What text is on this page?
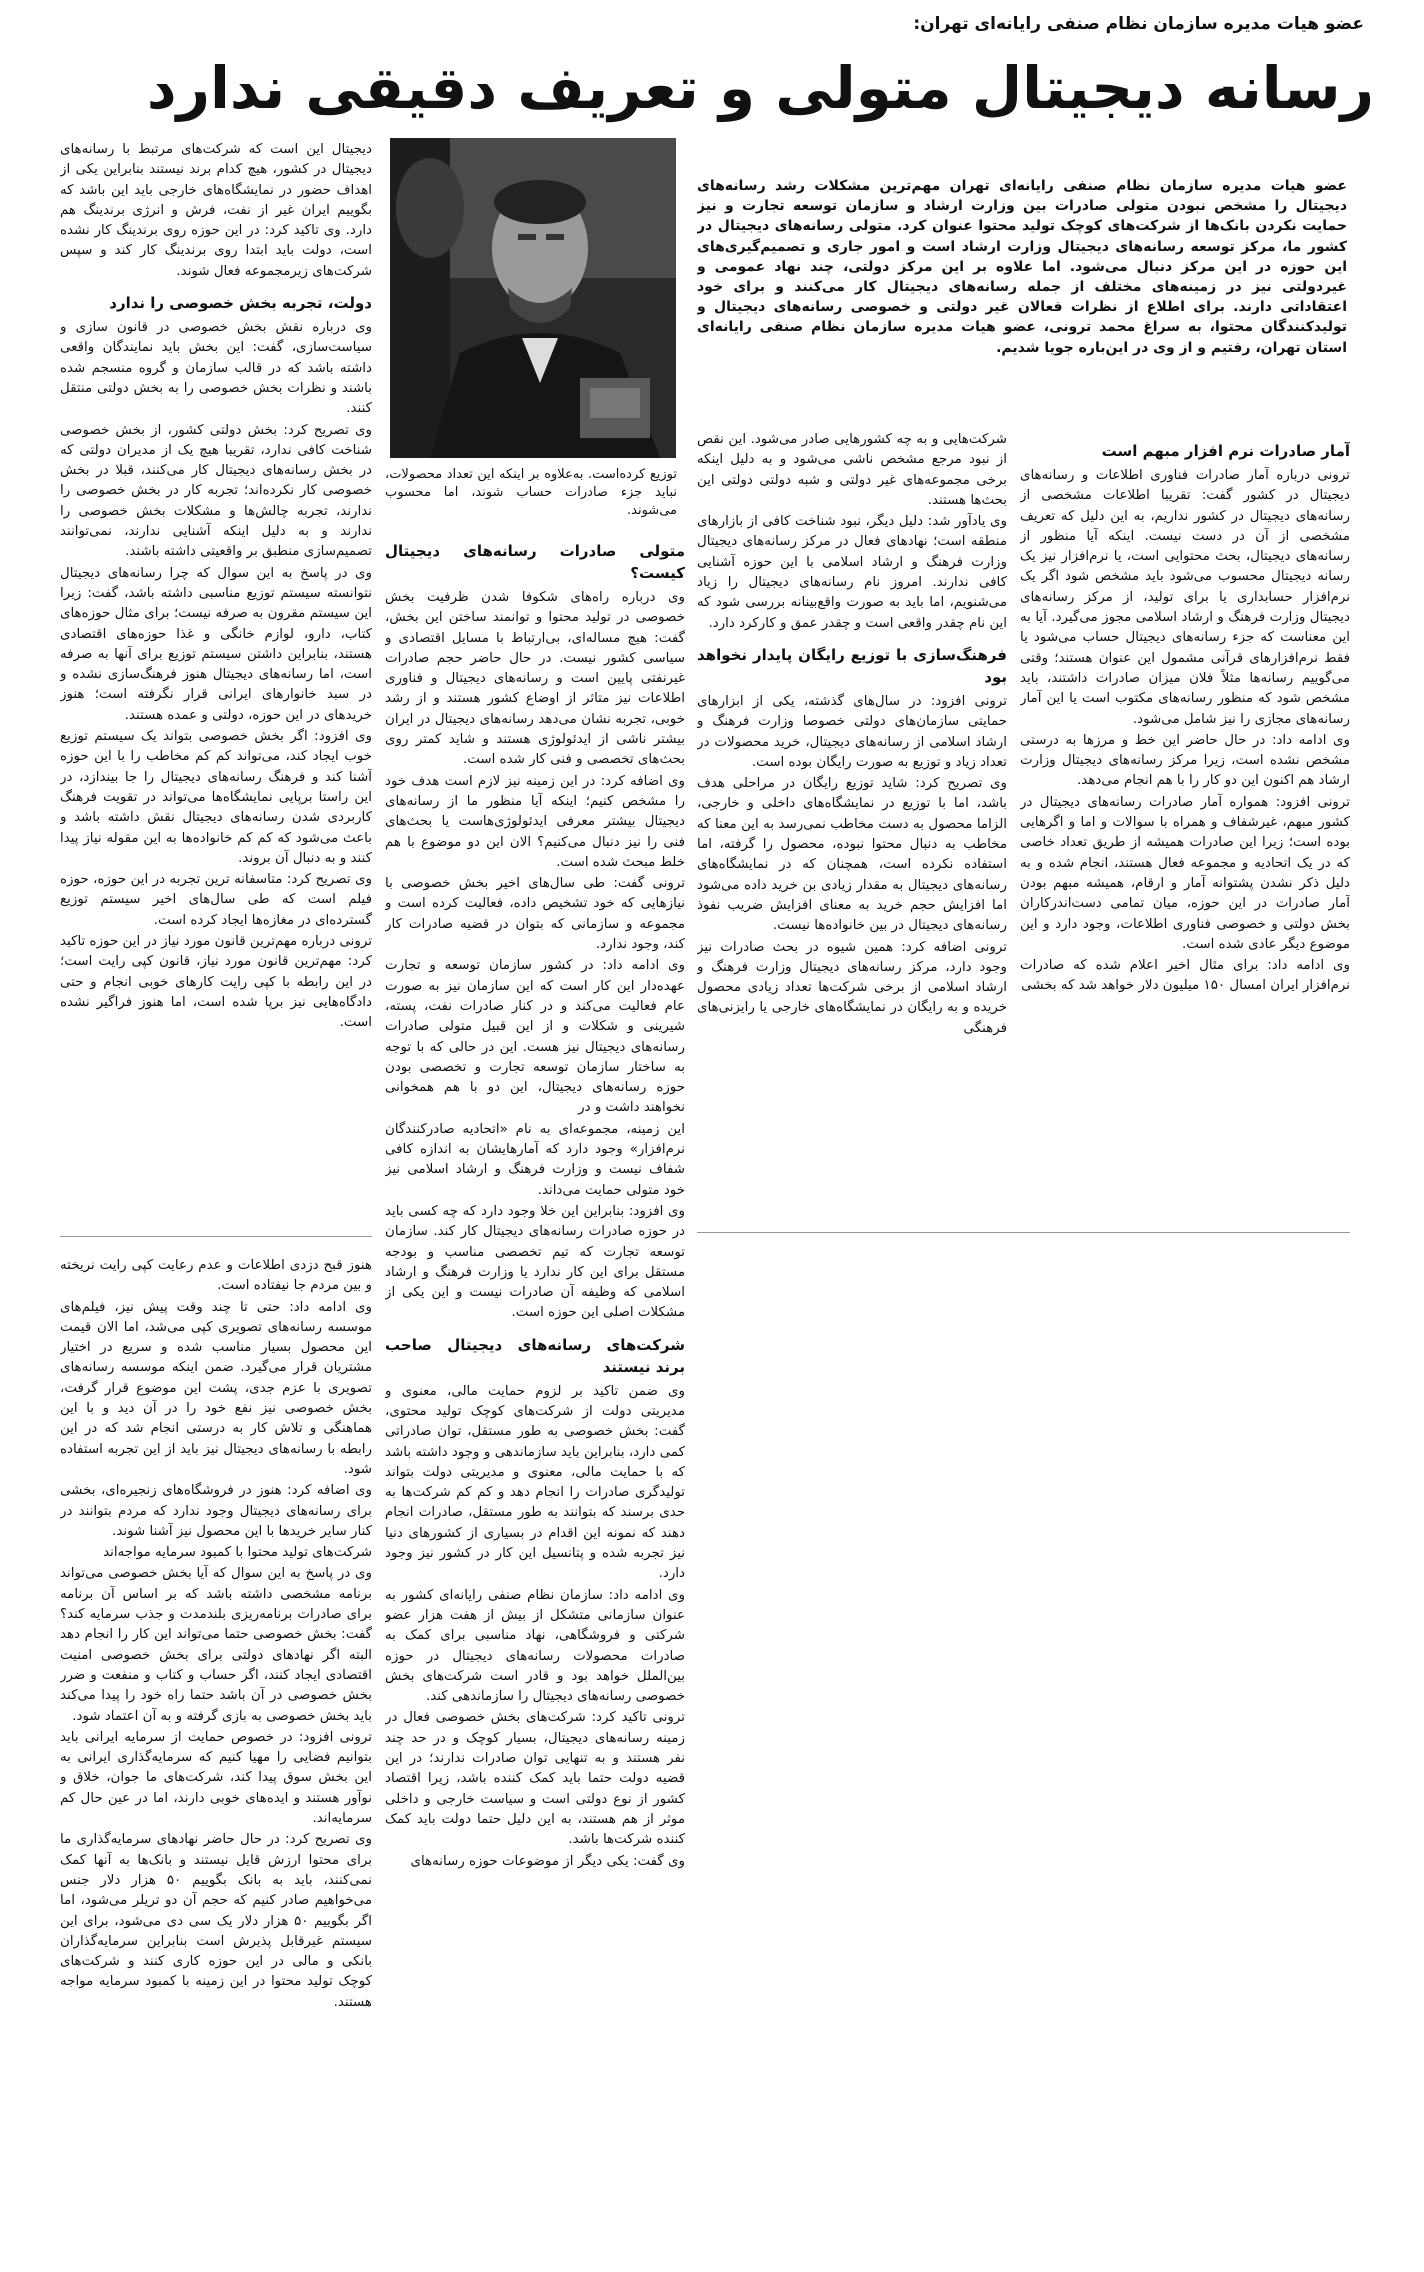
عضو هیات مدیره سازمان نظام صنفی رایانه‌ای تهران:
رسانه دیجیتال متولی و تعریف دقیقی ندارد
عضو هیات مدیره سازمان نظام صنفی رایانه‌ای تهران مهم‌ترین مشکلات رشد رسانه‌های دیجیتال را مشخص نبودن متولی صادرات بین وزارت ارشاد و سازمان توسعه تجارت و نیز حمایت نکردن بانک‌ها از شرکت‌های کوچک تولید محتوا عنوان کرد. متولی رسانه‌های دیجیتال در کشور ما، مرکز توسعه رسانه‌های دیجیتال وزارت ارشاد است و امور جاری و تصمیم‌گیری‌های این حوزه در این مرکز دنبال می‌شود. اما علاوه بر این مرکز دولتی، چند نهاد عمومی و غیردولتی نیز در زمینه‌های مختلف از جمله رسانه‌های دیجیتال کار می‌کنند و برای خود اعتقاداتی دارند. برای اطلاع از نظرات فعالان غیر دولتی و خصوصی رسانه‌های دیجیتال و تولیدکنندگان محتوا، به سراغ محمد ترونی، عضو هیات مدیره سازمان نظام صنفی رایانه‌ای استان تهران، رفتیم و از وی در این‌باره جویا شدیم.
توزیع کرده‌است. به‌علاوه بر اینکه این تعداد محصولات، نباید جزء صادرات حساب شوند، اما محسوب می‌شوند.
آمار صادرات نرم افزار مبهم است

ترونی درباره آمار صادرات فناوری اطلاعات و رسانه‌های دیجیتال در کشور گفت: تقریبا اطلاعات مشخصی از رسانه‌های دیجیتال در کشور نداریم، به این دلیل که تعریف مشخصی از آن در دست نیست. اینکه آیا منظور از رسانه‌های دیجیتال، بحث محتوایی است، یا نرم‌افزار نیز یک رسانه دیجیتال محسوب می‌شود باید مشخص شود اگر یک نرم‌افزار حسابداری یا برای تولید، از مرکز رسانه‌های دیجیتال وزارت فرهنگ و ارشاد اسلامی مجوز می‌گیرد. آیا به این معناست که جزء رسانه‌های دیجیتال حساب می‌شود یا فقط نرم‌افزارهای قرآنی مشمول این عنوان هستند؛ وقتی می‌گوییم رسانه‌ها مثلاً فلان میزان صادرات داشتند، باید مشخص شود که منظور رسانه‌های مکتوب است یا این آمار رسانه‌های مجازی را نیز شامل می‌شود.

وی ادامه داد: در حال حاضر این خط و مرزها به درستی مشخص نشده است، زیرا مرکز رسانه‌های دیجیتال وزارت ارشاد هم اکنون این دو کار را با هم انجام می‌دهد.

ترونی افزود: همواره آمار صادرات رسانه‌های دیجیتال در کشور مبهم، غیرشفاف و همراه با سوالات و اما و اگرهایی بوده است؛ زیرا این صادرات همیشه از طریق تعداد خاصی که در یک اتحادیه و مجموعه فعال هستند، انجام شده و به دلیل ذکر نشدن پشتوانه آمار و ارقام، همیشه مبهم بودن آمار صادرات در این حوزه، میان تمامی دست‌اندرکاران بخش دولتی و خصوصی فناوری اطلاعات، وجود دارد و این موضوع دیگر عادی شده است.

وی ادامه داد: برای مثال اخیر اعلام شده که صادرات نرم‌افزار ایران امسال ۱۵۰ میلیون دلار خواهد شد که بخشی

شرکت‌هایی و به چه کشورهایی صادر می‌شود. این نقص از نبود مرجع مشخص ناشی می‌شود و به دلیل اینکه برخی مجموعه‌های غیر دولتی و شبه دولتی دولتی این بحث‌ها هستند.

وی یادآور شد: دلیل دیگر، نبود شناخت کافی از بازارهای منطقه است؛ نهادهای فعال در مرکز رسانه‌های دیجیتال وزارت فرهنگ و ارشاد اسلامی با این حوزه آشنایی کافی ندارند. امروز نام رسانه‌های دیجیتال را زیاد می‌شنویم، اما باید به صورت واقع‌بینانه بررسی شود که این نام چقدر واقعی است و چقدر عمق و کارکرد دارد.

فرهنگ‌سازی با توزیع رایگان پایدار نخواهد بود

ترونی افزود: در سال‌های گذشته، یکی از ابزارهای حمایتی سازمان‌های دولتی خصوصا وزارت فرهنگ و ارشاد اسلامی از رسانه‌های دیجیتال، خرید محصولات در تعداد زیاد و توزیع به صورت رایگان بوده است.

وی تصریح کرد: شاید توزیع رایگان در مراحلی هدف باشد، اما با توزیع در نمایشگاه‌های داخلی و خارجی، الزاما محصول به دست مخاطب نمی‌رسد به این معنا که مخاطب به دنبال محتوا نبوده، محصول را گرفته، اما استفاده نکرده است، همچنان که در نمایشگاه‌های رسانه‌های دیجیتال به مقدار زیادی بن خرید داده می‌شود اما افزایش حجم خرید به معنای افزایش ضریب نفوذ رسانه‌های دیجیتال در بین خانواده‌ها نیست.

ترونی اضافه کرد: همین شیوه در بحث صادرات نیز وجود دارد، مرکز رسانه‌های دیجیتال وزارت فرهنگ و ارشاد اسلامی از برخی شرکت‌ها تعداد زیادی محصول خریده و به رایگان در نمایشگاه‌های خارجی یا رایزنی‌های فرهنگی

متولی صادرات رسانه‌های دیجیتال کیست؟

وی درباره راه‌های شکوفا شدن ظرفیت بخش خصوصی در تولید محتوا و توانمند ساختن این بخش، گفت: هیچ مساله‌ای، بی‌ارتباط با مسایل اقتصادی و سیاسی کشور نیست. در حال حاضر حجم صادرات غیرنفتی پایین است و رسانه‌های دیجیتال و فناوری اطلاعات نیز متاثر از اوضاع کشور هستند و از رشد خوبی، تجربه نشان می‌دهد رسانه‌های دیجیتال در ایران بیشتر ناشی از ایدئولوژی هستند و شاید کمتر روی بحث‌های تخصصی و فنی کار شده است.

وی اضافه کرد: در این زمینه نیز لازم است هدف خود را مشخص کنیم؛ اینکه آیا منظور ما از رسانه‌های دیجیتال بیشتر معرفی ایدئولوژی‌هاست یا بحث‌های فنی را نیز دنبال می‌کنیم؟ الان این دو موضوع با هم خلط مبحث شده است.

ترونی گفت: طی سال‌های اخیر بخش خصوصی با نیازهایی که خود تشخیص داده، فعالیت کرده است و مجموعه و سازمانی که بتوان در قضیه صادرات کار کند، وجود ندارد.

وی ادامه داد: در کشور سازمان توسعه و تجارت عهده‌دار این کار است که این سازمان نیز به صورت عام فعالیت می‌کند و در کنار صادرات نفت، پسته، شیرینی و شکلات و از این قبیل متولی صادرات رسانه‌های دیجیتال نیز هست. این در حالی که با توجه به ساختار سازمان توسعه تجارت و تخصصی بودن حوزه رسانه‌های دیجیتال، این دو با هم همخوانی نخواهند داشت و در

این زمینه، مجموعه‌ای به نام «اتحادیه صادرکنندگان نرم‌افزار» وجود دارد که آمارهایشان به اندازه کافی شفاف نیست و وزارت فرهنگ و ارشاد اسلامی نیز خود متولی حمایت می‌داند.

وی افزود: بنابراین این خلا وجود دارد که چه کسی باید در حوزه صادرات رسانه‌های دیجیتال کار کند. سازمان توسعه تجارت که تیم تخصصی مناسب و بودجه مستقل برای این کار ندارد یا وزارت فرهنگ و ارشاد اسلامی که وظیفه آن صادرات نیست و این یکی از مشکلات اصلی این حوزه است.

شرکت‌های رسانه‌های دیجیتال صاحب برند نیستند

وی ضمن تاکید بر لزوم حمایت مالی، معنوی و مدیریتی دولت از شرکت‌های کوچک تولید محتوی، گفت: بخش خصوصی به طور مستقل، توان صادراتی کمی دارد، بنابراین باید سازماندهی و وجود داشته باشد که با حمایت مالی، معنوی و مدیریتی دولت بتواند تولیدگری صادرات را انجام دهد و کم کم شرکت‌ها به حدی برسند که بتوانند به طور مستقل، صادرات انجام دهند که نمونه این اقدام در بسیاری از کشورهای دنیا نیز تجربه شده و پتانسیل این کار در کشور نیز وجود دارد.

وی ادامه داد: سازمان نظام صنفی رایانه‌ای کشور به عنوان سازمانی متشکل از بیش از هفت هزار عضو شرکتی و فروشگاهی، نهاد مناسبی برای کمک به صادرات محصولات رسانه‌های دیجیتال در حوزه بین‌الملل خواهد بود و قادر است شرکت‌های بخش خصوصی رسانه‌های دیجیتال را سازماندهی کند.

ترونی تاکید کرد: شرکت‌های بخش خصوصی فعال در زمینه رسانه‌های دیجیتال، بسیار کوچک و در حد چند نفر هستند و به تنهایی توان صادرات ندارند؛ در این قضیه دولت حتما باید کمک کننده باشد، زیرا اقتصاد کشور از نوع دولتی است و سیاست خارجی و داخلی موثر از هم هستند، به این دلیل حتما دولت باید کمک کننده شرکت‌ها باشد.

وی گفت: یکی دیگر از موضوعات حوزه رسانه‌های

دیجیتال این است که شرکت‌های مرتبط با رسانه‌های دیجیتال در کشور، هیچ کدام برند نیستند بنابراین یکی از اهداف حضور در نمایشگاه‌های خارجی باید این باشد که بگوییم ایران غیر از نفت، فرش و انرژی برندینگ هم دارد. وی تاکید کرد: در این حوزه روی برندینگ کار نشده است، دولت باید ابتدا روی برندینگ کار کند و سپس شرکت‌های زیرمجموعه فعال شوند.

دولت، تجربه بخش خصوصی را ندارد

وی درباره نقش بخش خصوصی در قانون سازی و سیاست‌سازی، گفت: این بخش باید نمایندگان واقعی داشته باشد که در قالب سازمان و گروه منسجم شده باشند و نظرات بخش خصوصی را به بخش دولتی منتقل کنند.

وی تصریح کرد: بخش دولتی کشور، از بخش خصوصی شناخت کافی ندارد، تقریبا هیچ یک از مدیران دولتی که در بخش رسانه‌های دیجیتال کار می‌کنند، قبلا در بخش خصوصی کار نکرده‌اند؛ تجربه کار در بخش خصوصی را ندارند، تجربه چالش‌ها و مشکلات بخش خصوصی را ندارند و به دلیل اینکه آشنایی ندارند، نمی‌توانند تصمیم‌سازی منطبق بر واقعیتی داشته باشند.

وی در پاسخ به این سوال که چرا رسانه‌های دیجیتال نتوانسته سیستم توزیع مناسبی داشته باشد، گفت: زیرا این سیستم مقرون به صرفه نیست؛ برای مثال حوزه‌های کتاب، دارو، لوازم خانگی و غذا حوزه‌های اقتصادی هستند، بنابراین داشتن سیستم توزیع برای آنها به صرفه است، اما رسانه‌های دیجیتال هنوز فرهنگ‌سازی نشده و در سبد خانوارهای ایرانی قرار نگرفته است؛ هنوز خریدهای در این حوزه، دولتی و عمده هستند.

وی افزود: اگر بخش خصوصی بتواند یک سیستم توزیع خوب ایجاد کند، می‌تواند کم کم مخاطب را با این حوزه آشنا کند و فرهنگ رسانه‌های دیجیتال را جا بیندازد، در این راستا برپایی نمایشگاه‌ها می‌تواند در تقویت فرهنگ کاربردی شدن رسانه‌های دیجیتال نقش داشته باشد و باعث می‌شود که کم کم خانواده‌ها به این مقوله نیاز پیدا کنند و به دنبال آن بروند.

وی تصریح کرد: متاسفانه ترین تجربه در این حوزه، حوزه فیلم است که طی سال‌های اخیر سیستم توزیع گسترده‌ای در مغازه‌ها ایجاد کرده است.

ترونی درباره مهم‌ترین قانون مورد نیاز در این حوزه تاکید کرد: مهم‌ترین قانون مورد نیاز، قانون کپی رایت است؛ در این رابطه با کپی رایت کارهای خوبی انجام و حتی دادگاه‌هایی نیز برپا شده است، اما هنوز فراگیر نشده است.

هنوز قبح دزدی اطلاعات و عدم رعایت کپی رایت نریخته و بین مردم جا نیفتاده است.

وی ادامه داد: حتی تا چند وقت پیش نیز، فیلم‌های موسسه رسانه‌های تصویری کپی می‌شد، اما الان قیمت این محصول بسیار مناسب شده و سریع در اختیار مشتریان قرار می‌گیرد. ضمن اینکه موسسه رسانه‌های تصویری با عزم جدی، پشت این موضوع قرار گرفت، بخش خصوصی نیز نفع خود را در آن دید و با این هماهنگی و تلاش کار به درستی انجام شد که در این رابطه با رسانه‌های دیجیتال نیز باید از این تجربه استفاده شود.

وی اضافه کرد: هنوز در فروشگاه‌های زنجیره‌ای، بخشی برای رسانه‌های دیجیتال وجود ندارد که مردم بتوانند در کنار سایر خریدها با این محصول نیز آشنا شوند.

شرکت‌های تولید محتوا با کمبود سرمایه مواجه‌اند

وی در پاسخ به این سوال که آیا بخش خصوصی می‌تواند برنامه مشخصی داشته باشد که بر اساس آن برنامه برای صادرات برنامه‌ریزی بلندمدت و جذب سرمایه کند؟ گفت: بخش خصوصی حتما می‌تواند این کار را انجام دهد البته اگر نهادهای دولتی برای بخش خصوصی امنیت اقتصادی ایجاد کنند، اگر حساب و کتاب و منفعت و ضرر بخش خصوصی در آن باشد حتما راه خود را پیدا می‌کند باید بخش خصوصی به بازی گرفته و به آن اعتماد شود.

ترونی افزود: در خصوص حمایت از سرمایه ایرانی باید بتوانیم فضایی را مهیا کنیم که سرمایه‌گذاری ایرانی به این بخش سوق پیدا کند، شرکت‌های ما جوان، خلاق و نوآور هستند و ایده‌های خوبی دارند، اما در عین حال کم سرمایه‌اند.

وی تصریح کرد: در حال حاضر نهادهای سرمایه‌گذاری ما برای محتوا ارزش قایل نیستند و بانک‌ها به آنها کمک نمی‌کنند، باید به بانک بگوییم ۵۰ هزار دلار جنس می‌خواهیم صادر کنیم که حجم آن دو تریلر می‌شود، اما اگر بگوییم ۵۰ هزار دلار یک سی دی می‌شود، برای این سیستم غیرقابل پذیرش است بنابراین سرمایه‌گذاران بانکی و مالی در این حوزه کاری کنند و شرکت‌های کوچک تولید محتوا در این زمینه با کمبود سرمایه مواجه هستند.
